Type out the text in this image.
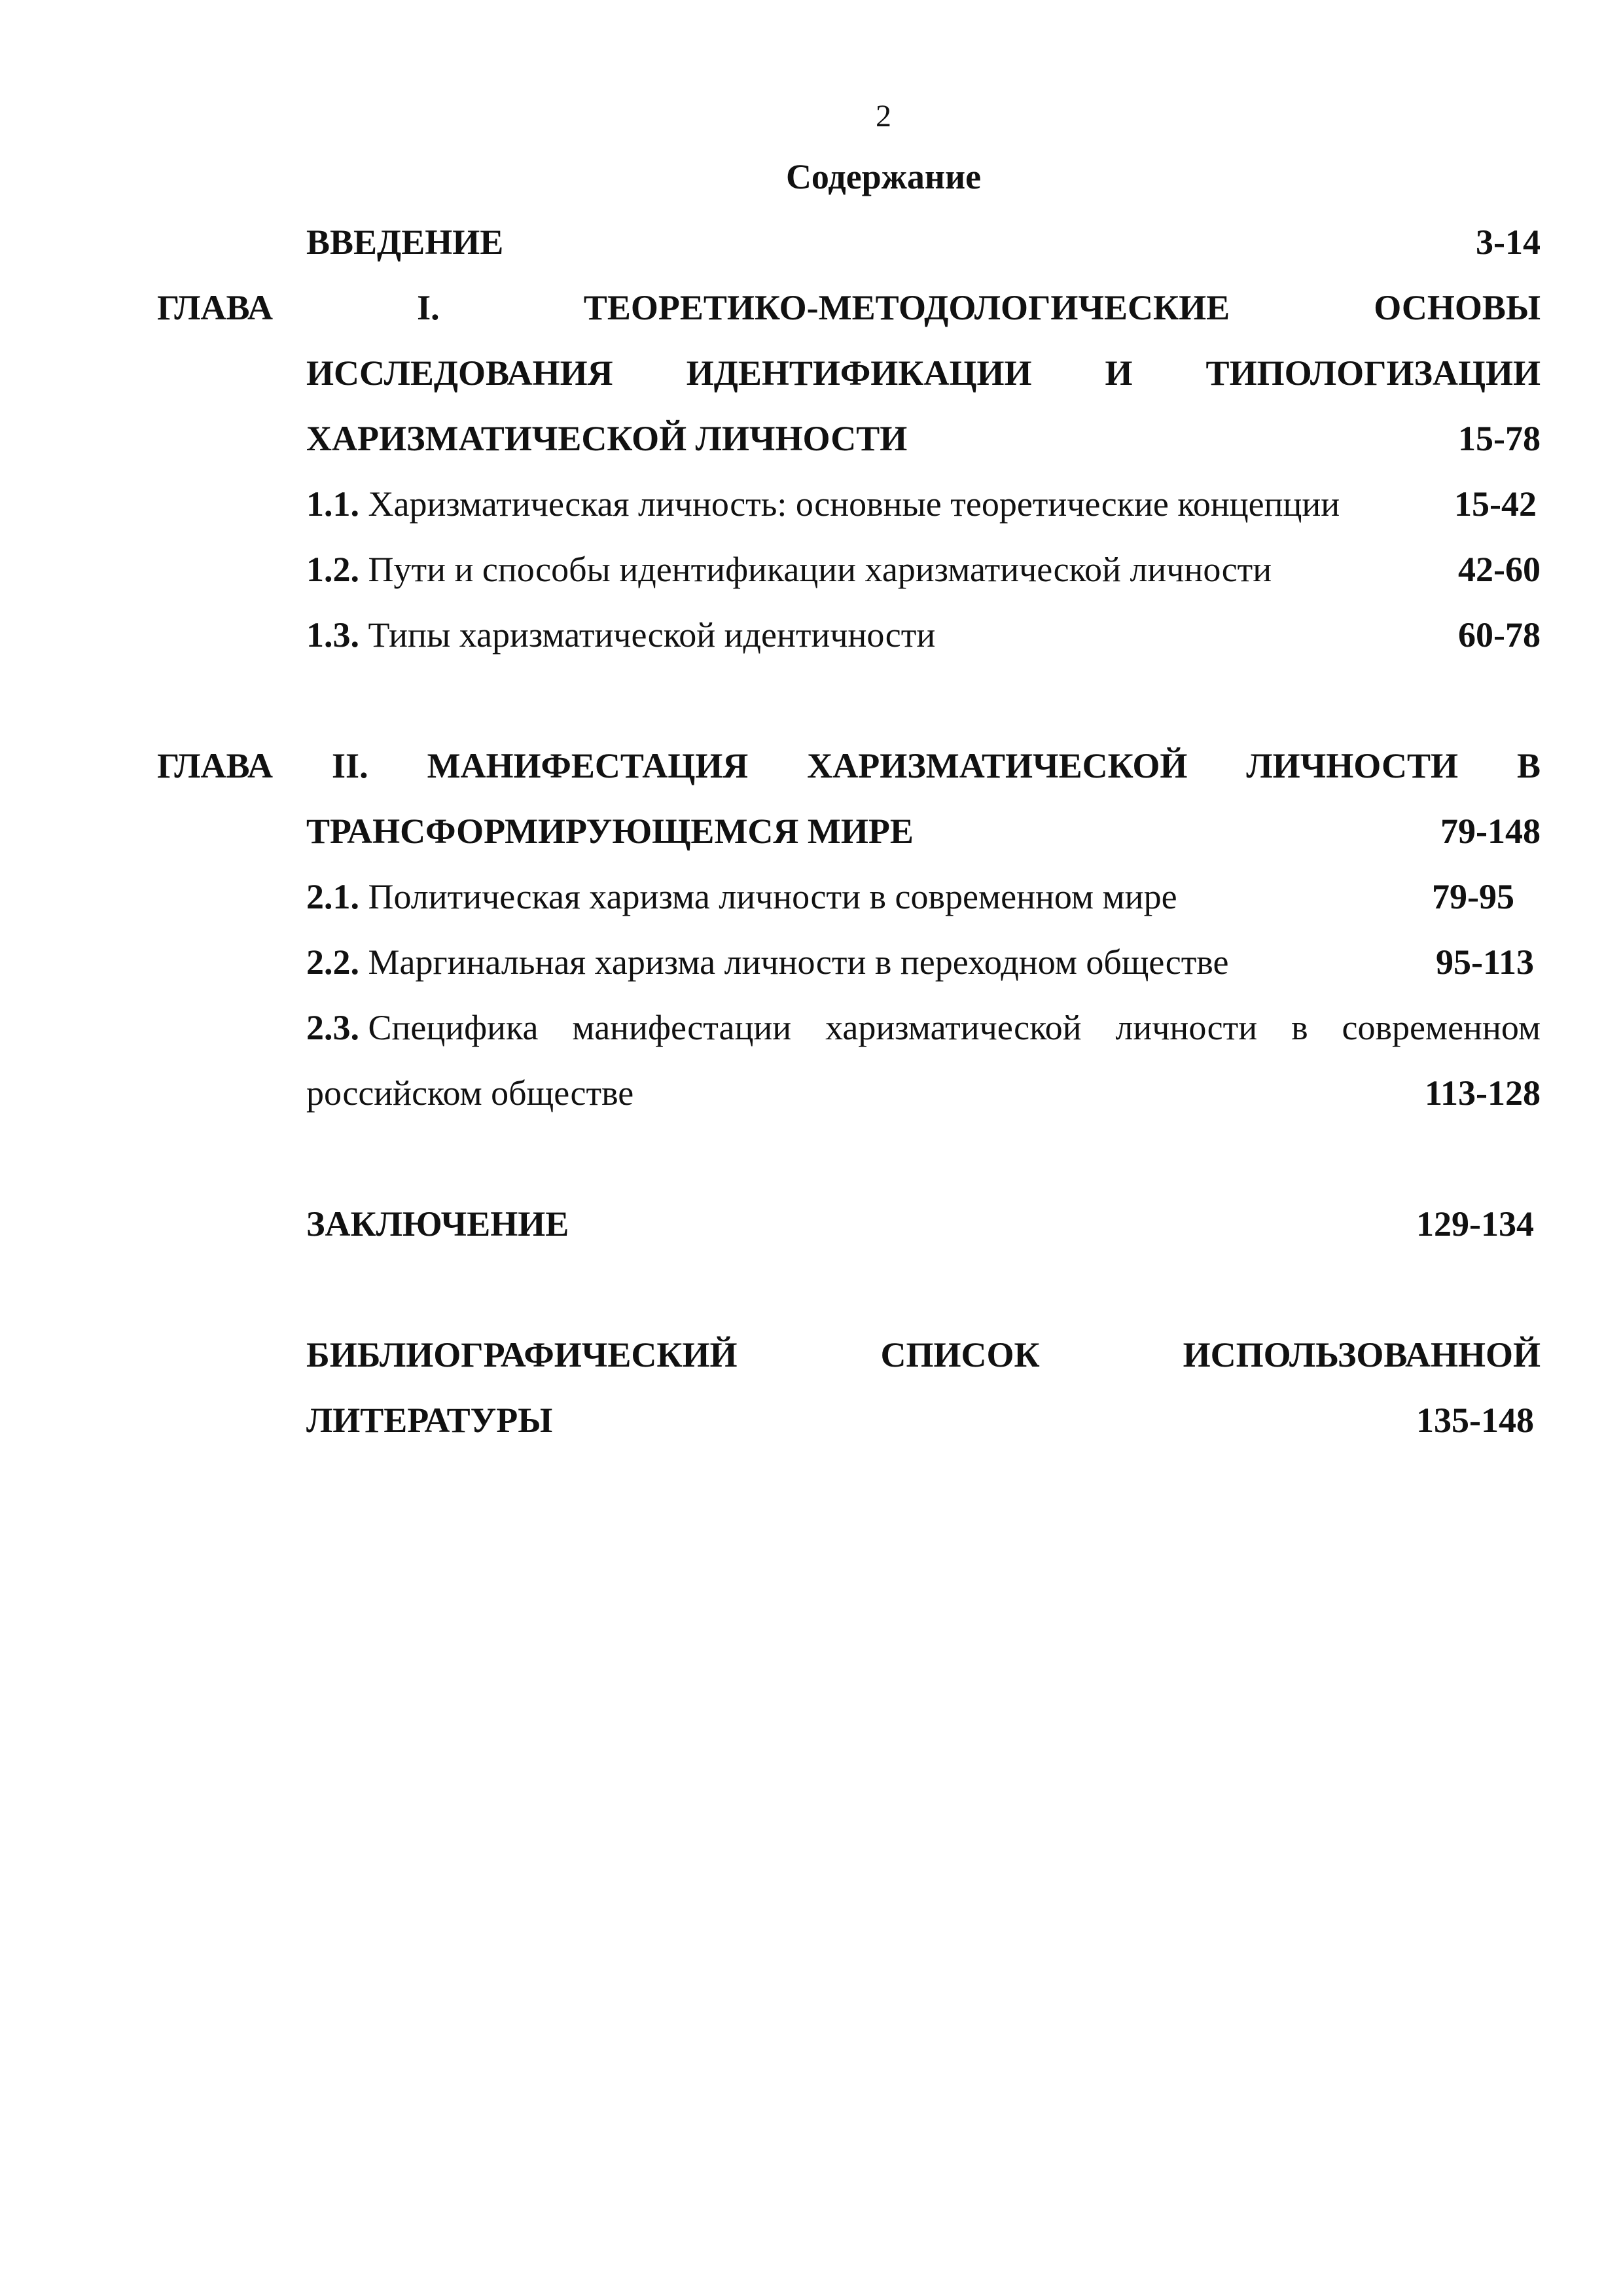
2
Содержание
ВВЕДЕНИЕ	3-14
ГЛАВА	I.	ТЕОРЕТИКО-МЕТОДОЛОГИЧЕСКИЕ	ОСНОВЫ
ИССЛЕДОВАНИЯ ИДЕНТИФИКАЦИИ И ТИПОЛОГИЗАЦИИ
ХАРИЗМАТИЧЕСКОЙ ЛИЧНОСТИ	15-78
1.1. Харизматическая личность: основные теоретические концепции	15-42
1.2. Пути и способы идентификации харизматической личности	42-60
1.3. Типы харизматической идентичности	60-78
ГЛАВА II. МАНИФЕСТАЦИЯ ХАРИЗМАТИЧЕСКОЙ ЛИЧНОСТИ В
ТРАНСФОРМИРУЮЩЕМСЯ МИРЕ	79-148
2.1. Политическая харизма личности в современном мире	79-95
2.2. Маргинальная харизма личности в переходном обществе	95-113
2.3. Специфика манифестации харизматической личности в современном
российском обществе	113-128
ЗАКЛЮЧЕНИЕ	129-134
БИБЛИОГРАФИЧЕСКИЙ	СПИСОК	ИСПОЛЬЗОВАННОЙ
ЛИТЕРАТУРЫ	135-148
